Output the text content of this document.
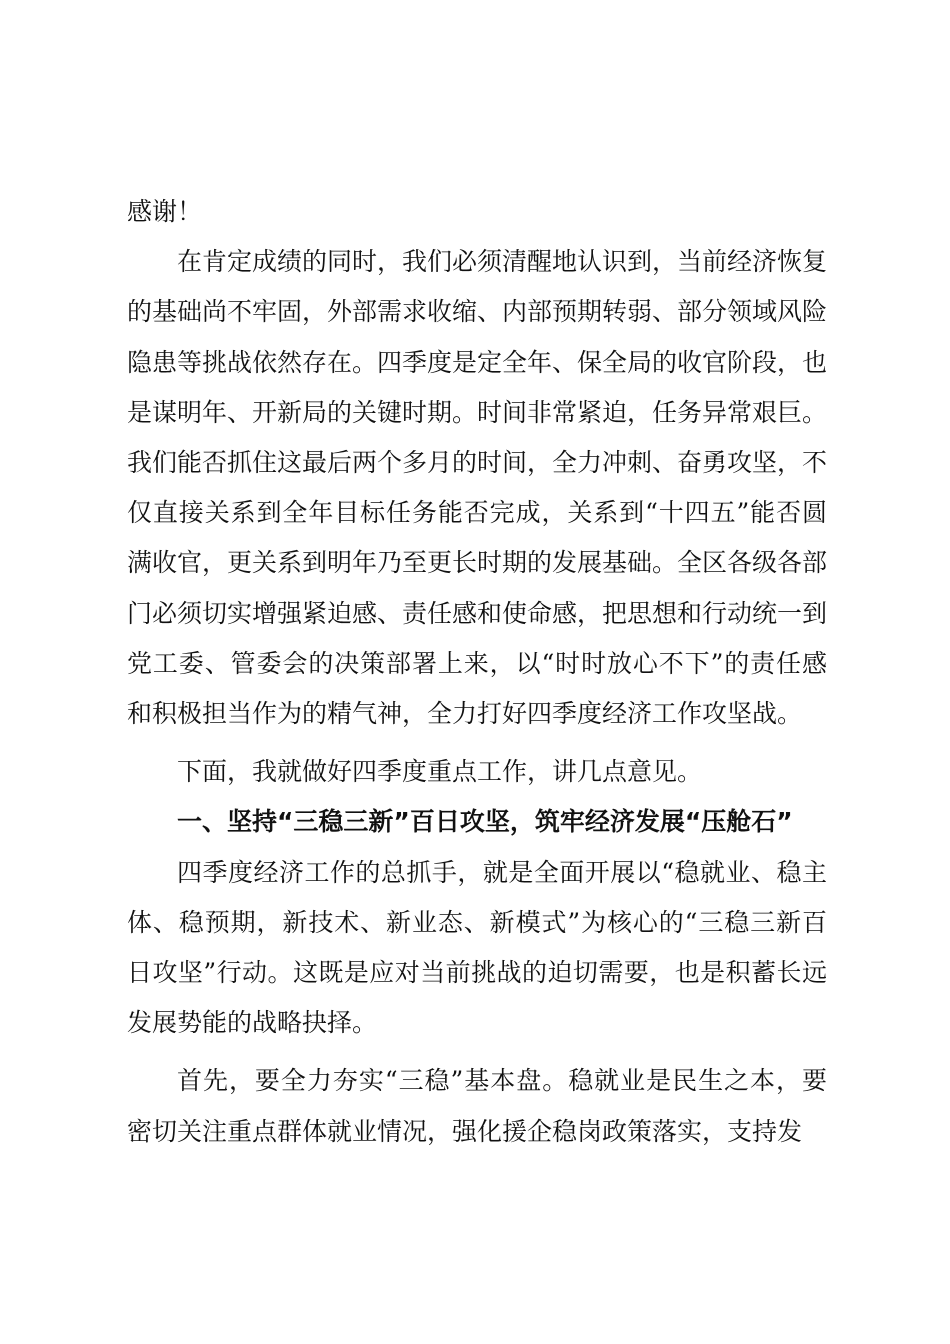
感谢！

在肯定成绩的同时，我们必须清醒地认识到，当前经济恢复的基础尚不牢固，外部需求收缩、内部预期转弱、部分领域风险隐患等挑战依然存在。四季度是定全年、保全局的收官阶段，也是谋明年、开新局的关键时期。时间非常紧迫，任务异常艰巨。我们能否抓住这最后两个多月的时间，全力冲刺、奋勇攻坚，不仅直接关系到全年目标任务能否完成，关系到“十四五”能否圆满收官，更关系到明年乃至更长时期的发展基础。全区各级各部门必须切实增强紧迫感、责任感和使命感，把思想和行动统一到党工委、管委会的决策部署上来，以“时时放心不下”的责任感和积极担当作为的精气神，全力打好四季度经济工作攻坚战。

下面，我就做好四季度重点工作，讲几点意见。

一、坚持“三稳三新”百日攻坚，筑牢经济发展“压舱石”

四季度经济工作的总抓手，就是全面开展以“稳就业、稳主体、稳预期，新技术、新业态、新模式”为核心的“三稳三新百日攻坚”行动。这既是应对当前挑战的迫切需要，也是积蓄长远发展势能的战略抉择。

首先，要全力夯实“三稳”基本盘。稳就业是民生之本，要密切关注重点群体就业情况，强化援企稳岗政策落实，支持发
